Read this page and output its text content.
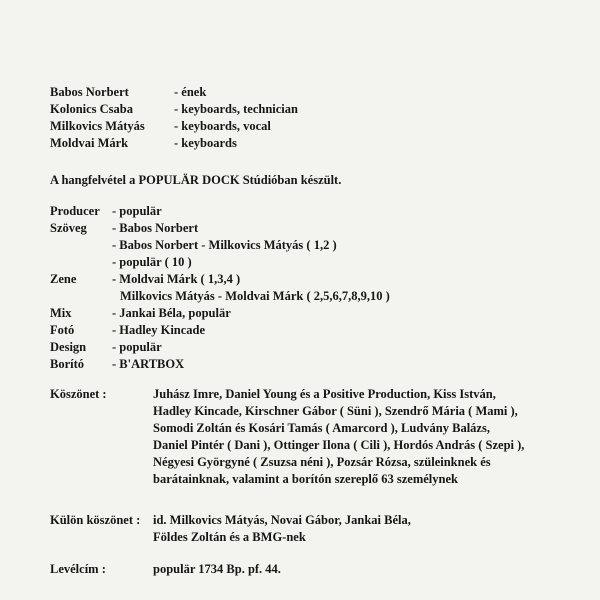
Babos Norbert	- ének
Kolonics Csaba	- keyboards, technician
Milkovics Mátyás	- keyboards, vocal
Moldvai Márk	- keyboards
A hangfelvétel a POPULÄR DOCK Stúdióban készült.
Producer - populär
Szöveg	- Babos Norbert
- Babos Norbert - Milkovics Mátyás ( 1,2 )
- populär ( 10 )
Zene	- Moldvai Márk ( 1,3,4 )
Milkovics Mátyás - Moldvai Márk ( 2,5,6,7,8,9,10 )
Mix	- Jankai Béla, populär
Fotó	- Hadley Kincade
Design	- populär
Borító	- B'ARTBOX
Köszönet :	Juhász Imre, Daniel Young és a Positive Production, Kiss István,
Hadley Kincade, Kirschner Gábor ( Süni ), Szendrő Mária ( Mami ),
Somodi Zoltán és Kosári Tamás ( Amarcord ), Ludvány Balázs,
Daniel Pintér ( Dani ), Ottinger Ilona ( Cili ), Hordós András ( Szepi ),
Négyesi Györgyné ( Zsuzsa néni ), Pozsár Rózsa, szüleinknek és
barátainknak, valamint a borítón szereplő 63 személynek
Külön köszönet :	id. Milkovics Mátyás, Novai Gábor, Jankai Béla,
Földes Zoltán és a BMG-nek
Levélcím :	populär 1734 Bp. pf. 44.
